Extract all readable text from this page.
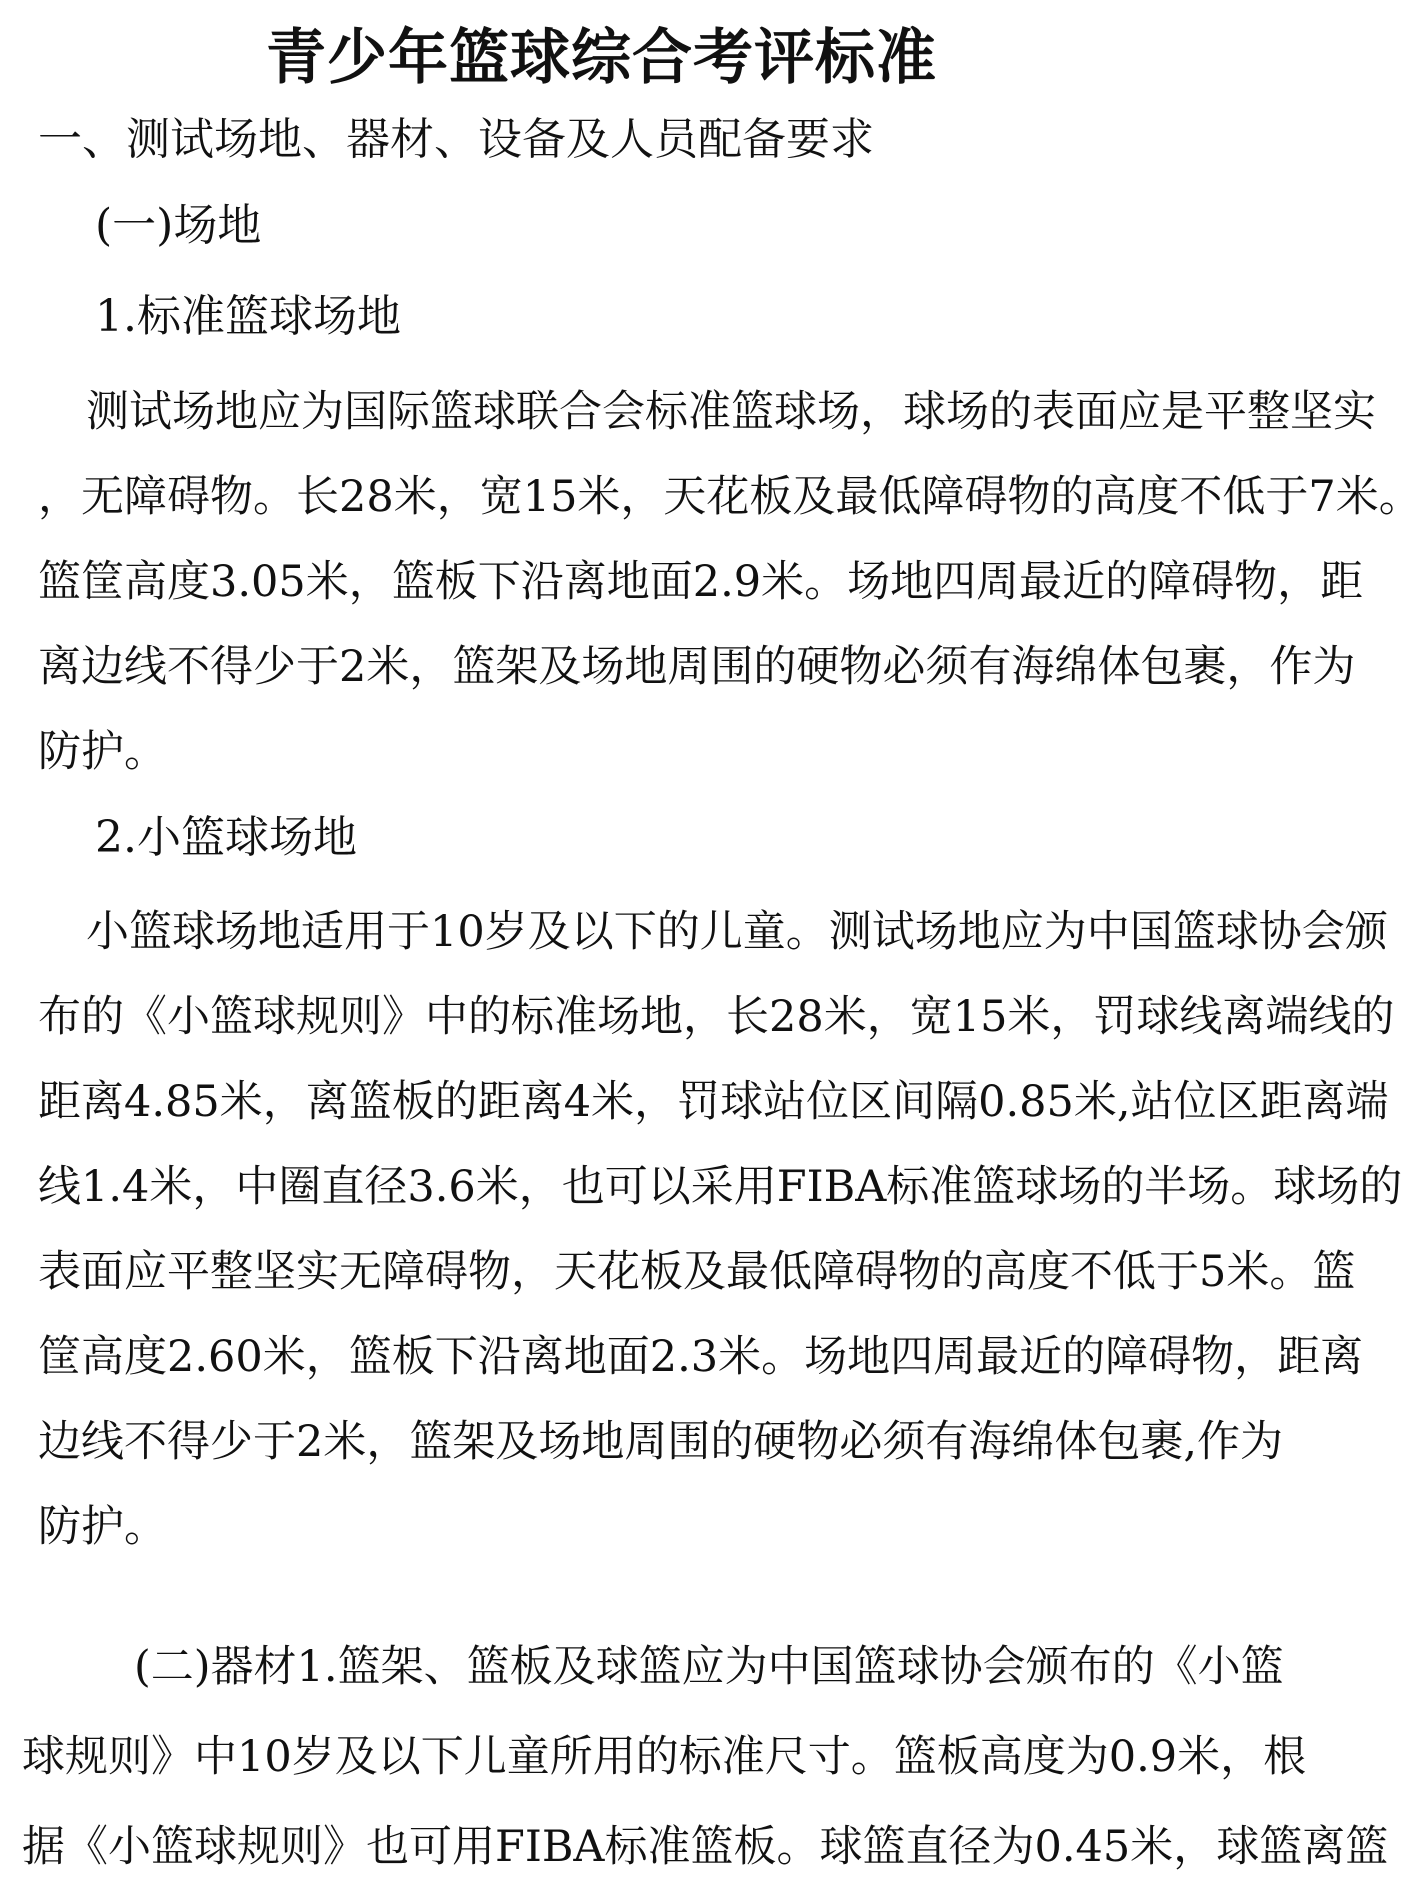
青少年篮球综合考评标准
一、测试场地、器材、设备及人员配备要求
(一)场地
1.标准篮球场地
测试场地应为国际篮球联合会标准篮球场，球场的表面应是平整坚实
，无障碍物。长28米，宽15米，天花板及最低障碍物的高度不低于7米。
篮筐高度3.05米，篮板下沿离地面2.9米。场地四周最近的障碍物，距
离边线不得少于2米，篮架及场地周围的硬物必须有海绵体包裹，作为
防护。
2.小篮球场地
小篮球场地适用于10岁及以下的儿童。测试场地应为中国篮球协会颁
布的《小篮球规则》中的标准场地，长28米，宽15米，罚球线离端线的
距离4.85米，离篮板的距离4米，罚球站位区间隔0.85米,站位区距离端
线1.4米，中圈直径3.6米，也可以采用FIBA标准篮球场的半场。球场的
表面应平整坚实无障碍物，天花板及最低障碍物的高度不低于5米。篮
筐高度2.60米，篮板下沿离地面2.3米。场地四周最近的障碍物，距离
边线不得少于2米，篮架及场地周围的硬物必须有海绵体包裹,作为
防护。
(二)器材1.篮架、篮板及球篮应为中国篮球协会颁布的《小篮
球规则》中10岁及以下儿童所用的标准尺寸。篮板高度为0.9米，根
据《小篮球规则》也可用FIBA标准篮板。球篮直径为0.45米，球篮离篮
